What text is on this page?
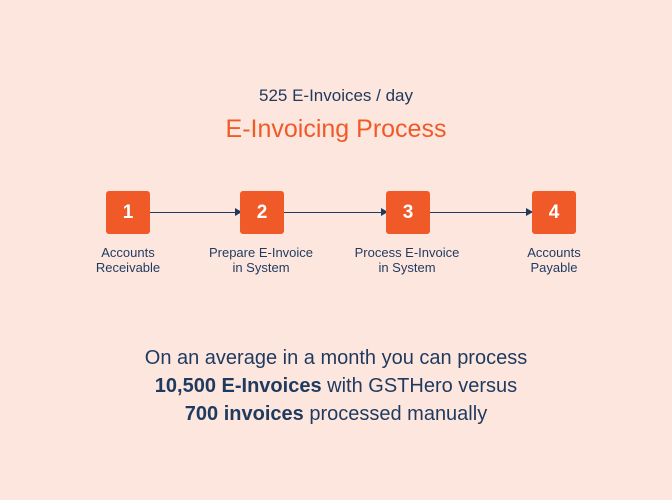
525 E-Invoices / day
E-Invoicing Process
1	2	3	4
Accounts
Receivable
Prepare E-Invoice
in System
Process E-Invoice
in System
Accounts
Payable
On an average in a month you can process
10,500 E-Invoices with GSTHero versus
700 invoices processed manually
